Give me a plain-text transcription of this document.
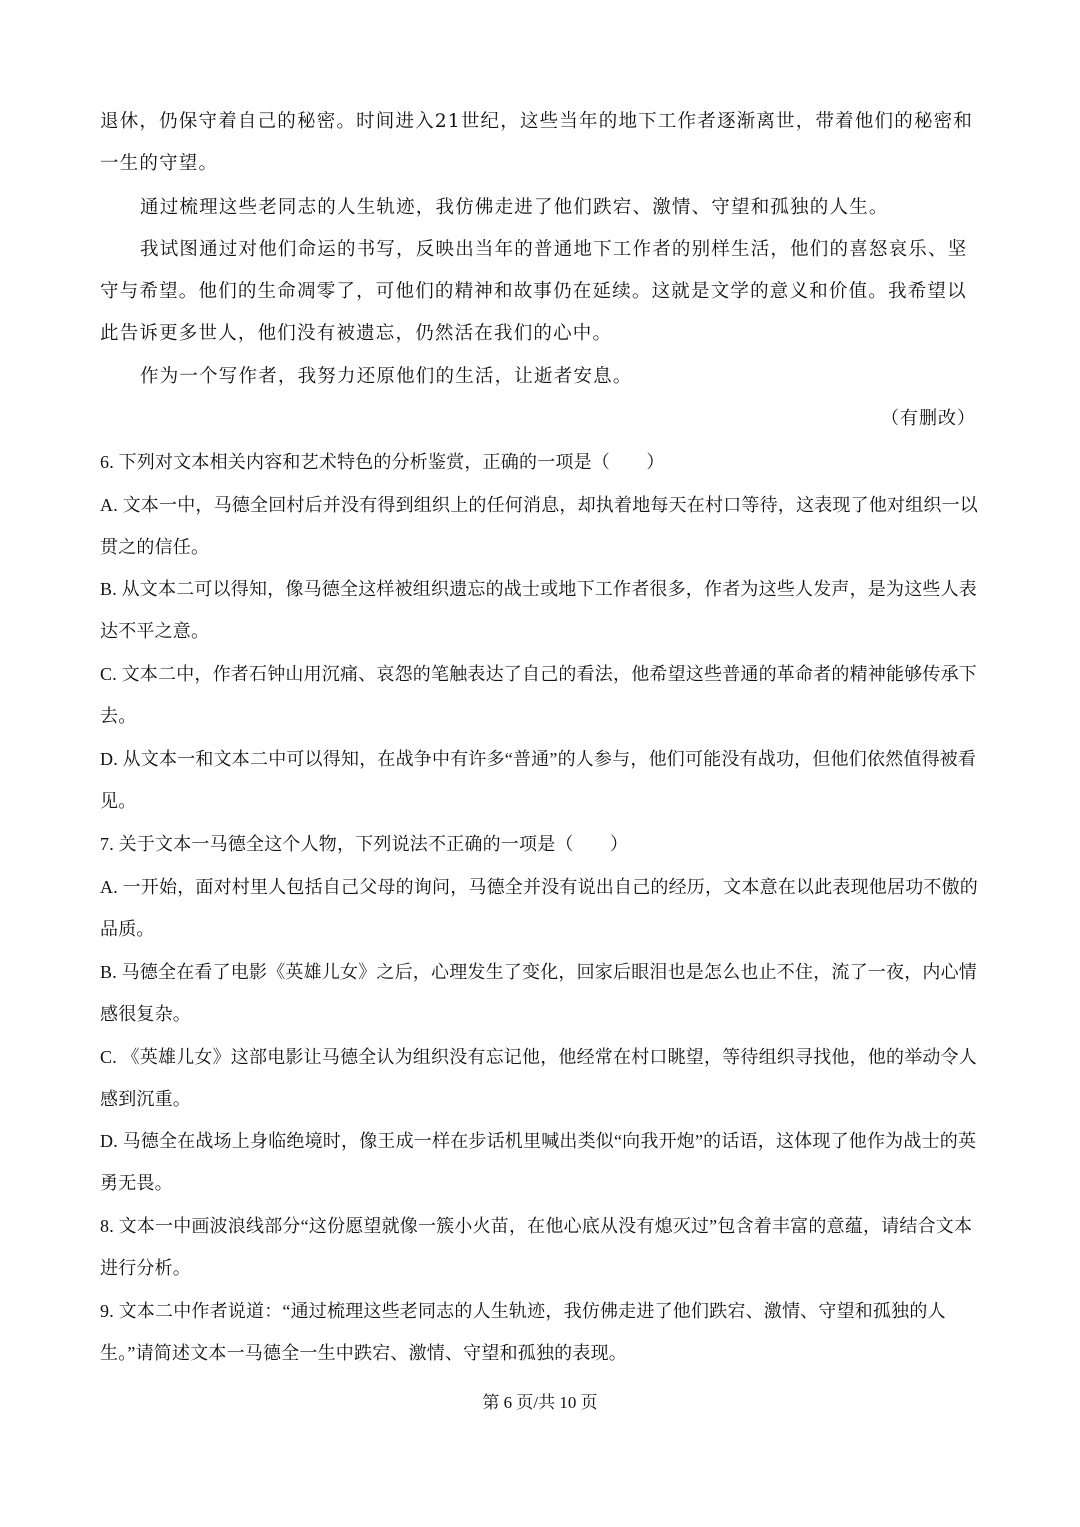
退休，仍保守着自己的秘密。时间进入21世纪，这些当年的地下工作者逐渐离世，带着他们的秘密和一生的守望。

通过梳理这些老同志的人生轨迹，我仿佛走进了他们跌宕、激情、守望和孤独的人生。

我试图通过对他们命运的书写，反映出当年的普通地下工作者的别样生活，他们的喜怒哀乐、坚守与希望。他们的生命凋零了，可他们的精神和故事仍在延续。这就是文学的意义和价值。我希望以此告诉更多世人，他们没有被遗忘，仍然活在我们的心中。

作为一个写作者，我努力还原他们的生活，让逝者安息。

（有删改）

6. 下列对文本相关内容和艺术特色的分析鉴赏，正确的一项是（　　）

A. 文本一中，马德全回村后并没有得到组织上的任何消息，却执着地每天在村口等待，这表现了他对组织一以贯之的信任。

B. 从文本二可以得知，像马德全这样被组织遗忘的战士或地下工作者很多，作者为这些人发声，是为这些人表达不平之意。

C. 文本二中，作者石钟山用沉痛、哀怨的笔触表达了自己的看法，他希望这些普通的革命者的精神能够传承下去。

D. 从文本一和文本二中可以得知，在战争中有许多“普通”的人参与，他们可能没有战功，但他们依然值得被看见。

7. 关于文本一马德全这个人物，下列说法不正确的一项是（　　）

A. 一开始，面对村里人包括自己父母的询问，马德全并没有说出自己的经历，文本意在以此表现他居功不傲的品质。

B. 马德全在看了电影《英雄儿女》之后，心理发生了变化，回家后眼泪也是怎么也止不住，流了一夜，内心情感很复杂。

C. 《英雄儿女》这部电影让马德全认为组织没有忘记他，他经常在村口眺望，等待组织寻找他，他的举动令人感到沉重。

D. 马德全在战场上身临绝境时，像王成一样在步话机里喊出类似“向我开炮”的话语，这体现了他作为战士的英勇无畏。

8. 文本一中画波浪线部分“这份愿望就像一簇小火苗，在他心底从没有熄灭过”包含着丰富的意蕴，请结合文本进行分析。

9. 文本二中作者说道：“通过梳理这些老同志的人生轨迹，我仿佛走进了他们跌宕、激情、守望和孤独的人生。”请简述文本一马德全一生中跌宕、激情、守望和孤独的表现。

第 6 页/共 10 页
